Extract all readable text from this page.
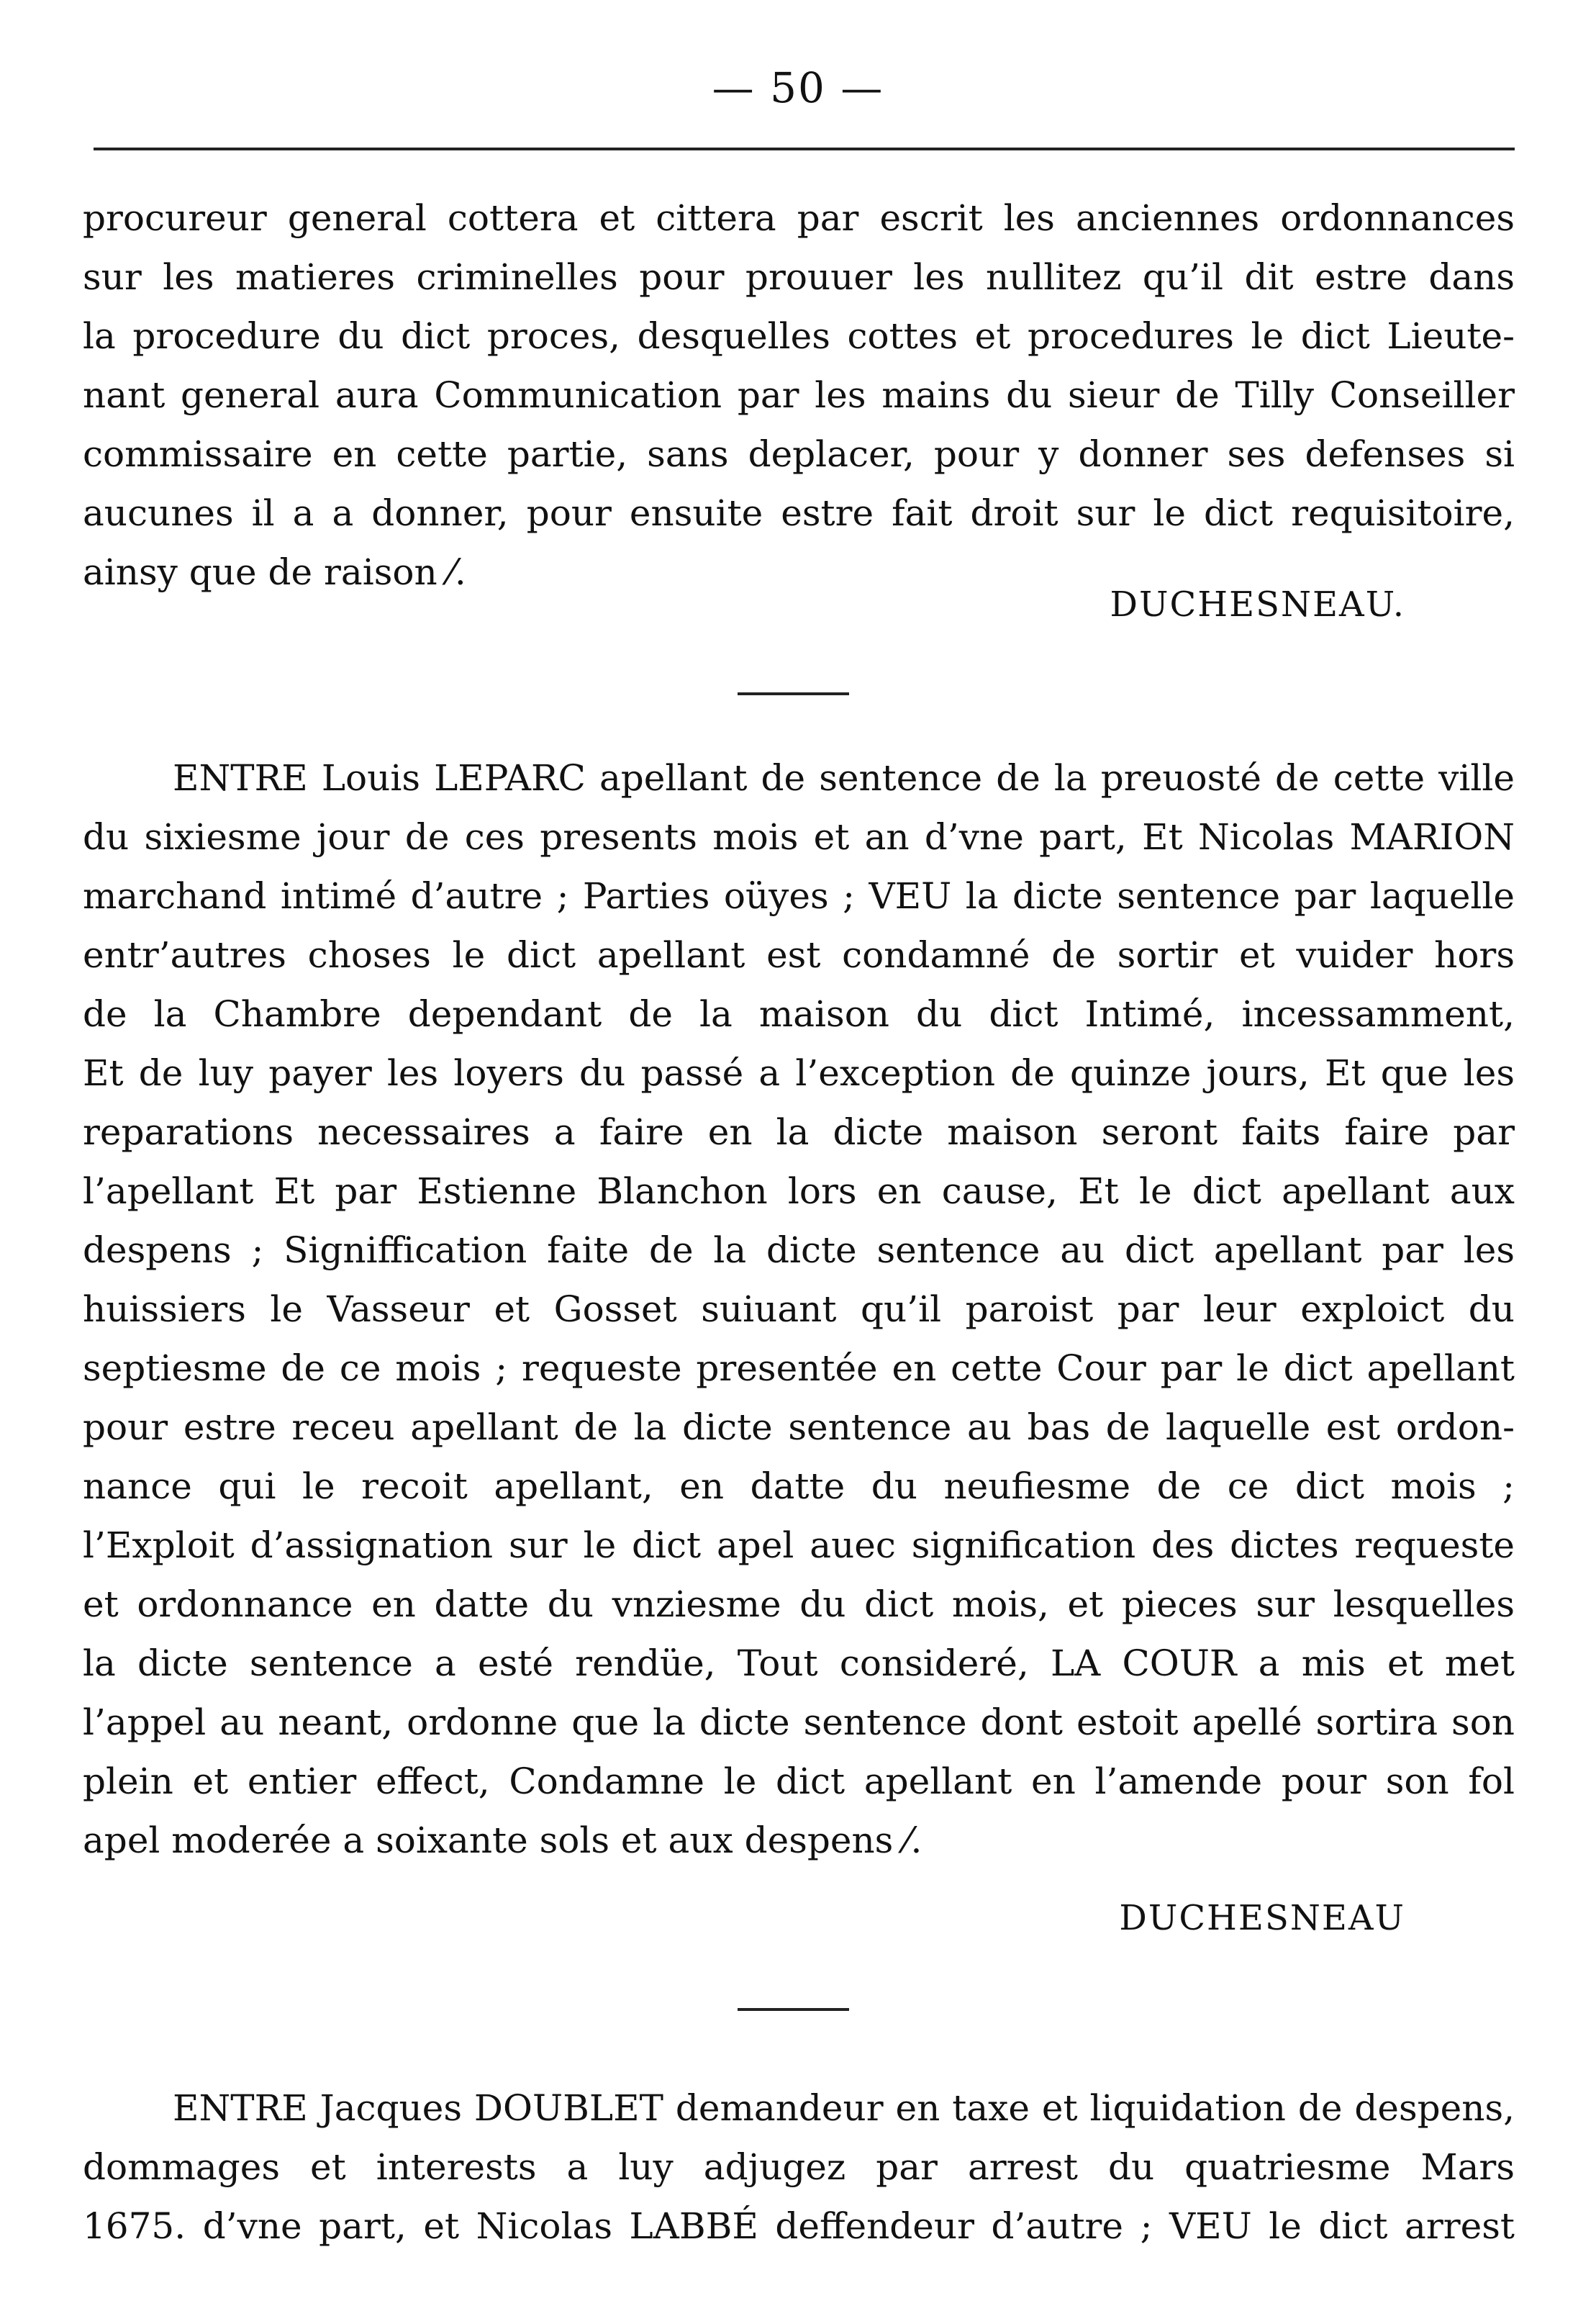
— 50 —
procureur general cottera et cittera par escrit les anciennes ordonnances
sur les matieres criminelles pour prouuer les nullitez qu’il dit estre dans
la procedure du dict proces, desquelles cottes et procedures le dict Lieute-
nant general aura Communication par les mains du sieur de Tilly Conseiller
commissaire en cette partie, sans deplacer, pour y donner ses defenses si
aucunes il a a donner, pour ensuite estre fait droit sur le dict requisitoire,
ainsy que de raison ⁄.
DUCHESNEAU.
ENTRE Louis LEPARC apellant de sentence de la preuosté de cette ville
du sixiesme jour de ces presents mois et an d’vne part, Et Nicolas MARION
marchand intimé d’autre ; Parties oüyes ; VEU la dicte sentence par laquelle
entr’autres choses le dict apellant est condamné de sortir et vuider hors
de la Chambre dependant de la maison du dict Intimé, incessamment,
Et de luy payer les loyers du passé a l’exception de quinze jours, Et que les
reparations necessaires a faire en la dicte maison seront faits faire par
l’apellant Et par Estienne Blanchon lors en cause, Et le dict apellant aux
despens ; Signiffication faite de la dicte sentence au dict apellant par les
huissiers le Vasseur et Gosset suiuant qu’il paroist par leur exploict du
septiesme de ce mois ; requeste presentée en cette Cour par le dict apellant
pour estre receu apellant de la dicte sentence au bas de laquelle est ordon-
nance qui le recoit apellant, en datte du neufiesme de ce dict mois ;
l’Exploit d’assignation sur le dict apel auec signification des dictes requeste
et ordonnance en datte du vnziesme du dict mois, et pieces sur lesquelles
la dicte sentence a esté rendüe, Tout consideré, LA COUR a mis et met
l’appel au neant, ordonne que la dicte sentence dont estoit apellé sortira son
plein et entier effect, Condamne le dict apellant en l’amende pour son fol
apel moderée a soixante sols et aux despens ⁄.
DUCHESNEAU
ENTRE Jacques DOUBLET demandeur en taxe et liquidation de despens,
dommages et interests a luy adjugez par arrest du quatriesme Mars
1675. d’vne part, et Nicolas LABBÉ deffendeur d’autre ; VEU le dict arrest
